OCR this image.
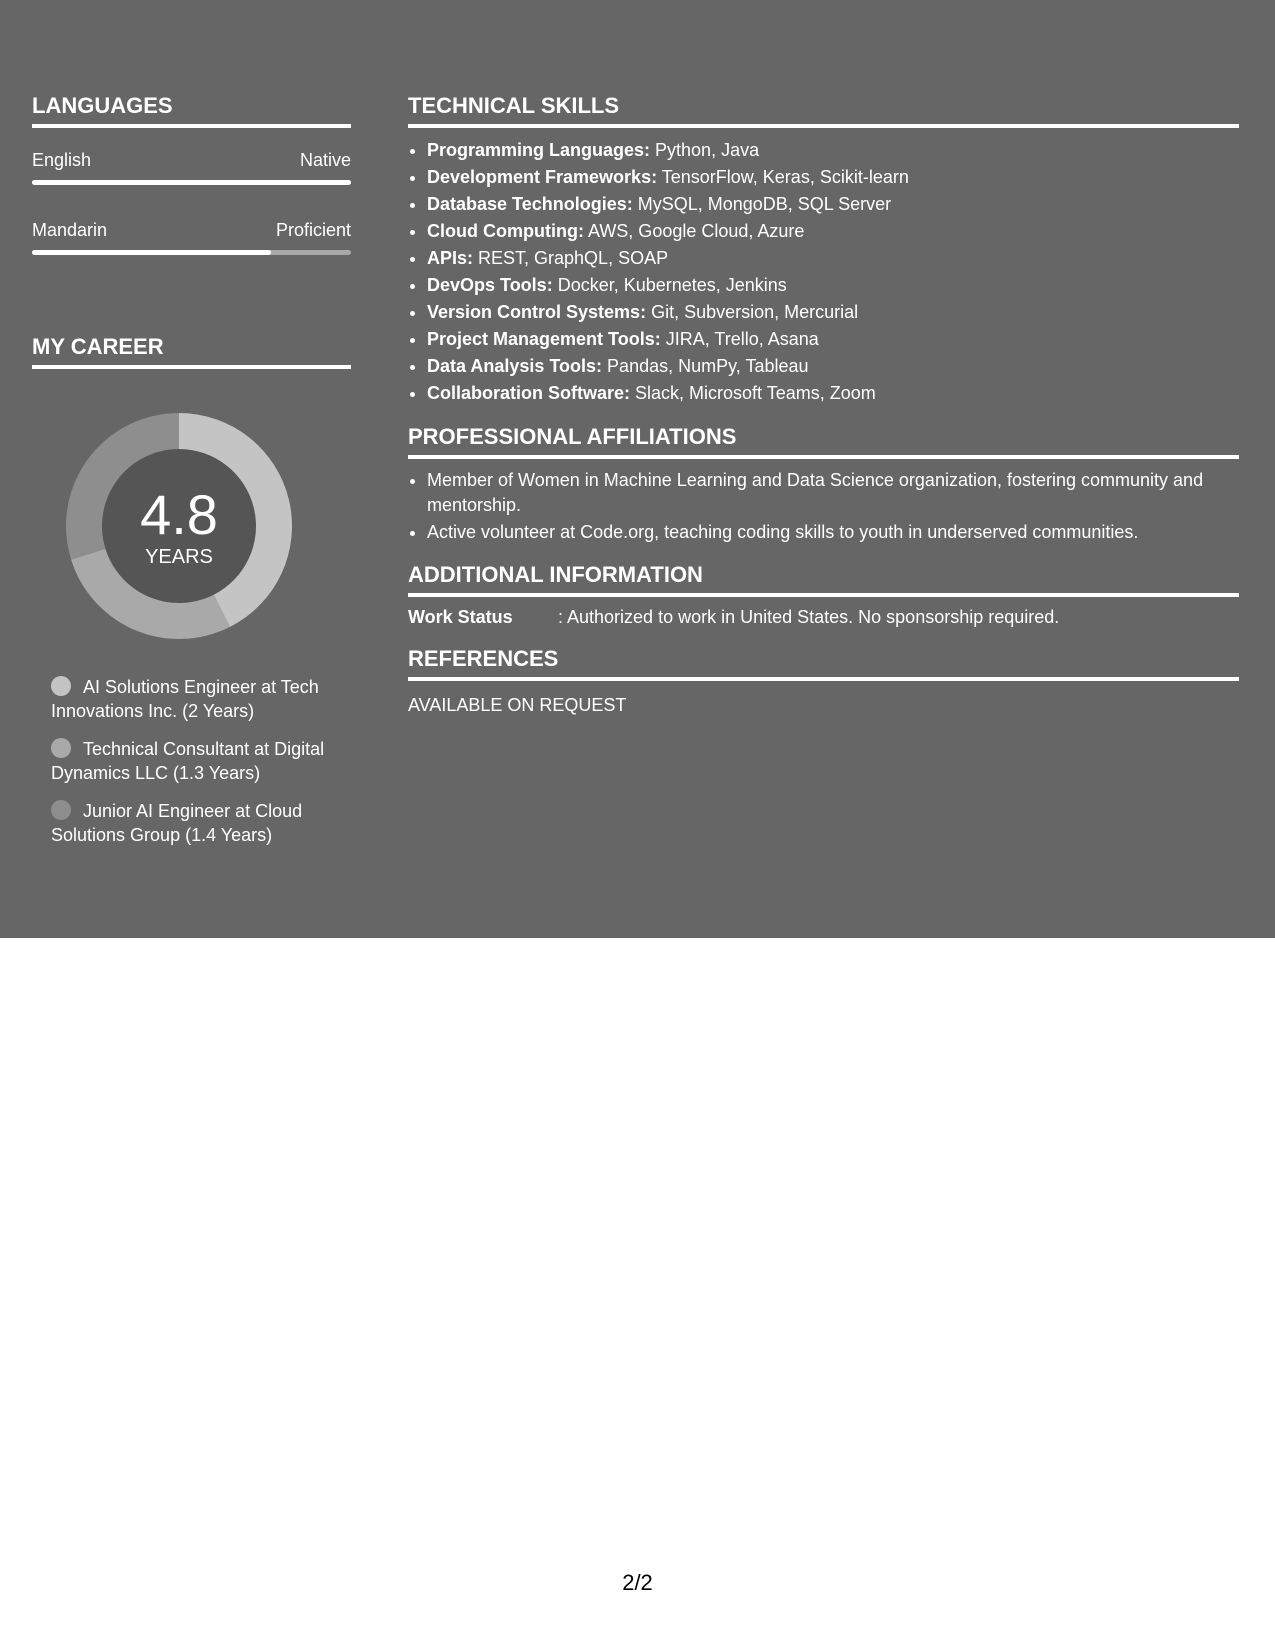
LANGUAGES
English	Native
Mandarin	Proficient
MY CAREER
4.8
YEARS
AI Solutions Engineer at Tech Innovations Inc. (2 Years)
Technical Consultant at Digital Dynamics LLC (1.3 Years)
Junior AI Engineer at Cloud Solutions Group (1.4 Years)
TECHNICAL SKILLS
• Programming Languages: Python, Java
• Development Frameworks: TensorFlow, Keras, Scikit-learn
• Database Technologies: MySQL, MongoDB, SQL Server
• Cloud Computing: AWS, Google Cloud, Azure
• APIs: REST, GraphQL, SOAP
• DevOps Tools: Docker, Kubernetes, Jenkins
• Version Control Systems: Git, Subversion, Mercurial
• Project Management Tools: JIRA, Trello, Asana
• Data Analysis Tools: Pandas, NumPy, Tableau
• Collaboration Software: Slack, Microsoft Teams, Zoom
PROFESSIONAL AFFILIATIONS
• Member of Women in Machine Learning and Data Science organization, fostering community and mentorship.
• Active volunteer at Code.org, teaching coding skills to youth in underserved communities.
ADDITIONAL INFORMATION
Work Status	: Authorized to work in United States. No sponsorship required.
REFERENCES
AVAILABLE ON REQUEST
2/2
